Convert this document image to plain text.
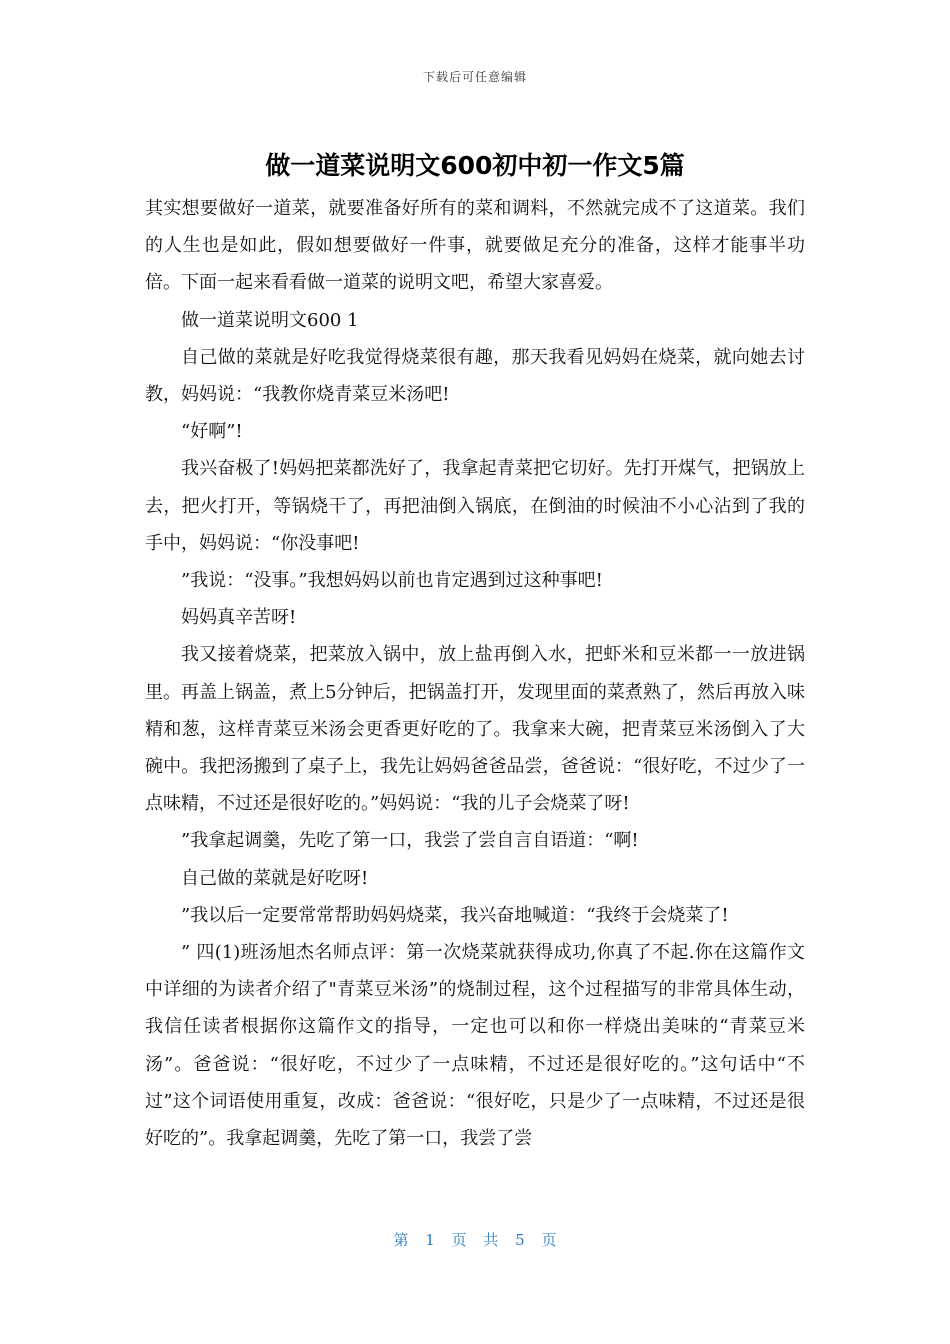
下载后可任意编辑
做一道菜说明文600初中初一作文5篇

其实想要做好一道菜，就要准备好所有的菜和调料，不然就完成不了这道菜。我们的人生也是如此，假如想要做好一件事，就要做足充分的准备，这样才能事半功倍。下面一起来看看做一道菜的说明文吧，希望大家喜爱。

做一道菜说明文600 1

自己做的菜就是好吃我觉得烧菜很有趣，那天我看见妈妈在烧菜，就向她去讨教，妈妈说：“我教你烧青菜豆米汤吧!

“好啊”!

我兴奋极了!妈妈把菜都洗好了，我拿起青菜把它切好。先打开煤气，把锅放上去，把火打开，等锅烧干了，再把油倒入锅底，在倒油的时候油不小心沾到了我的手中，妈妈说：“你没事吧!

”我说：“没事。”我想妈妈以前也肯定遇到过这种事吧!

妈妈真辛苦呀!

我又接着烧菜，把菜放入锅中，放上盐再倒入水，把虾米和豆米都一一放进锅里。再盖上锅盖，煮上5分钟后，把锅盖打开，发现里面的菜煮熟了，然后再放入味精和葱，这样青菜豆米汤会更香更好吃的了。我拿来大碗，把青菜豆米汤倒入了大碗中。我把汤搬到了桌子上，我先让妈妈爸爸品尝，爸爸说：“很好吃，不过少了一点味精，不过还是很好吃的。”妈妈说：“我的儿子会烧菜了呀!

”我拿起调羹，先吃了第一口，我尝了尝自言自语道：“啊!

自己做的菜就是好吃呀!

”我以后一定要常常帮助妈妈烧菜，我兴奋地喊道：“我终于会烧菜了!

” 四(1)班汤旭杰名师点评：第一次烧菜就获得成功,你真了不起.你在这篇作文中详细的为读者介绍了"青菜豆米汤”的烧制过程，这个过程描写的非常具体生动，我信任读者根据你这篇作文的指导，一定也可以和你一样烧出美味的“青菜豆米汤”。爸爸说：“很好吃，不过少了一点味精，不过还是很好吃的。”这句话中“不过”这个词语使用重复，改成：爸爸说：“很好吃，只是少了一点味精，不过还是很好吃的”。我拿起调羹，先吃了第一口，我尝了尝

第 1 页 共 5 页
